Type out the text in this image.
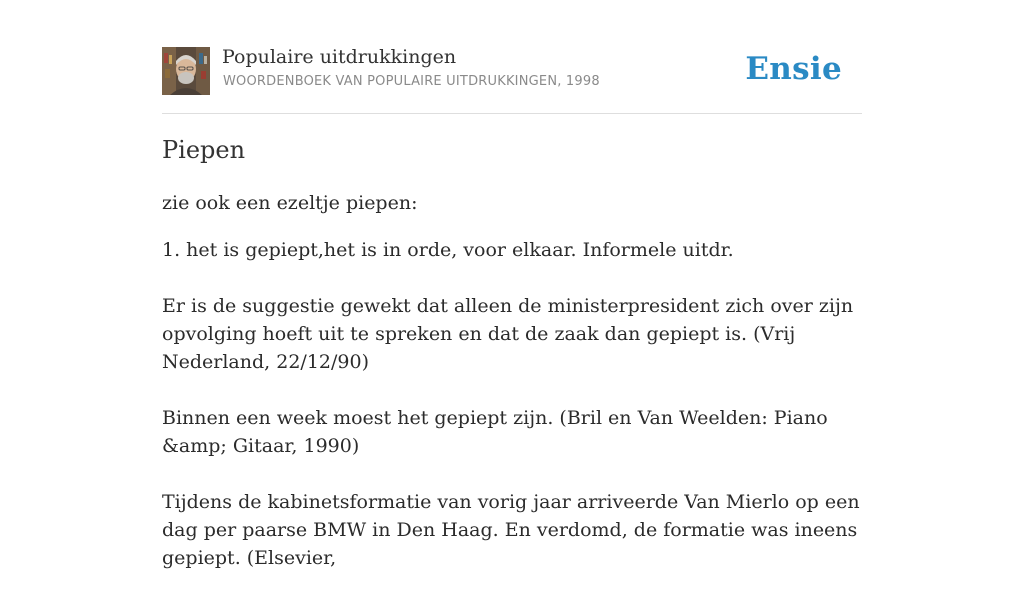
Populaire uitdrukkingen
WOORDENBOEK VAN POPULAIRE UITDRUKKINGEN, 1998	Ensie
Piepen

zie ook een ezeltje piepen:

1. het is gepiept,het is in orde, voor elkaar. Informele uitdr.

Er is de suggestie gewekt dat alleen de ministerpresident zich over zijn opvolging hoeft uit te spreken en dat de zaak dan gepiept is. (Vrij Nederland, 22/12/90)

Binnen een week moest het gepiept zijn. (Bril en Van Weelden: Piano &amp; Gitaar, 1990)

Tijdens de kabinetsformatie van vorig jaar arriveerde Van Mierlo op een dag per paarse BMW in Den Haag. En verdomd, de formatie was ineens gepiept. (Elsevier,
